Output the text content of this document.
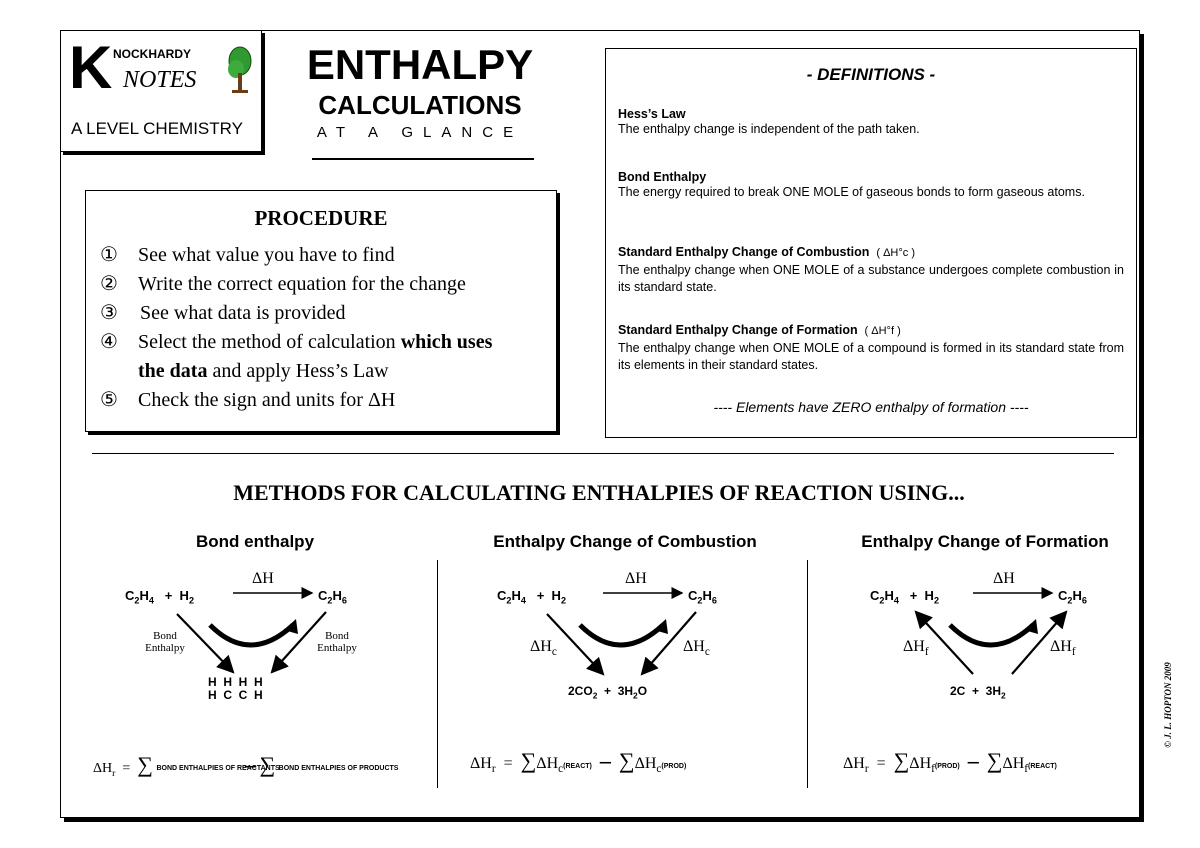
K NOCKHARDY
NOTES
A LEVEL CHEMISTRY
ENTHALPY
CALCULATIONS
AT A GLANCE
PROCEDURE
① See what value you have to find
② Write the correct equation for the change
③ See what data is provided
④ Select the method of calculation which uses
the data and apply Hess’s Law
⑤ Check the sign and units for ΔH
- DEFINITIONS -
Hess’s Law
The enthalpy change is independent of the path taken.
Bond Enthalpy
The energy required to break ONE MOLE of gaseous bonds to form gaseous atoms.
Standard Enthalpy Change of Combustion ( ΔH°c )
The enthalpy change when ONE MOLE of a substance undergoes complete combustion in its standard state.
Standard Enthalpy Change of Formation ( ΔH°f )
The enthalpy change when ONE MOLE of a compound is formed in its standard state from its elements in their standard states.
---- Elements have ZERO enthalpy of formation ----
METHODS FOR CALCULATING ENTHALPIES OF REACTION USING...
Bond enthalpy	Enthalpy Change of Combustion	Enthalpy Change of Formation
$C_2H_4 + H_2$	$C_2H_6$
ΔH
Bond Enthalpy
Bond Enthalpy
H  H  H  H
H  C  C  H
$\Delta H_r$  =  ∑ BOND ENTHALPIES OF REACTANTS – ∑ BOND ENTHALPIES OF PRODUCTS
$C_2H_4 + H_2$	$C_2H_6$
ΔH
$\Delta H_c$	$\Delta H_c$
$2CO_2 + 3H_2O$
$\Delta H_r$  =  $\sum\Delta H_c(REACT)$ – $\sum\Delta H_c(PROD)$
$C_2H_4 + H_2$	$C_2H_6$
ΔH
$\Delta H_f$	$\Delta H_f$
$2C + 3H_2$
$\Delta H_r$  =  $\sum\Delta H_f(PROD)$ – $\sum\Delta H_f(REACT)$
© J. L. HOPTON 2009
